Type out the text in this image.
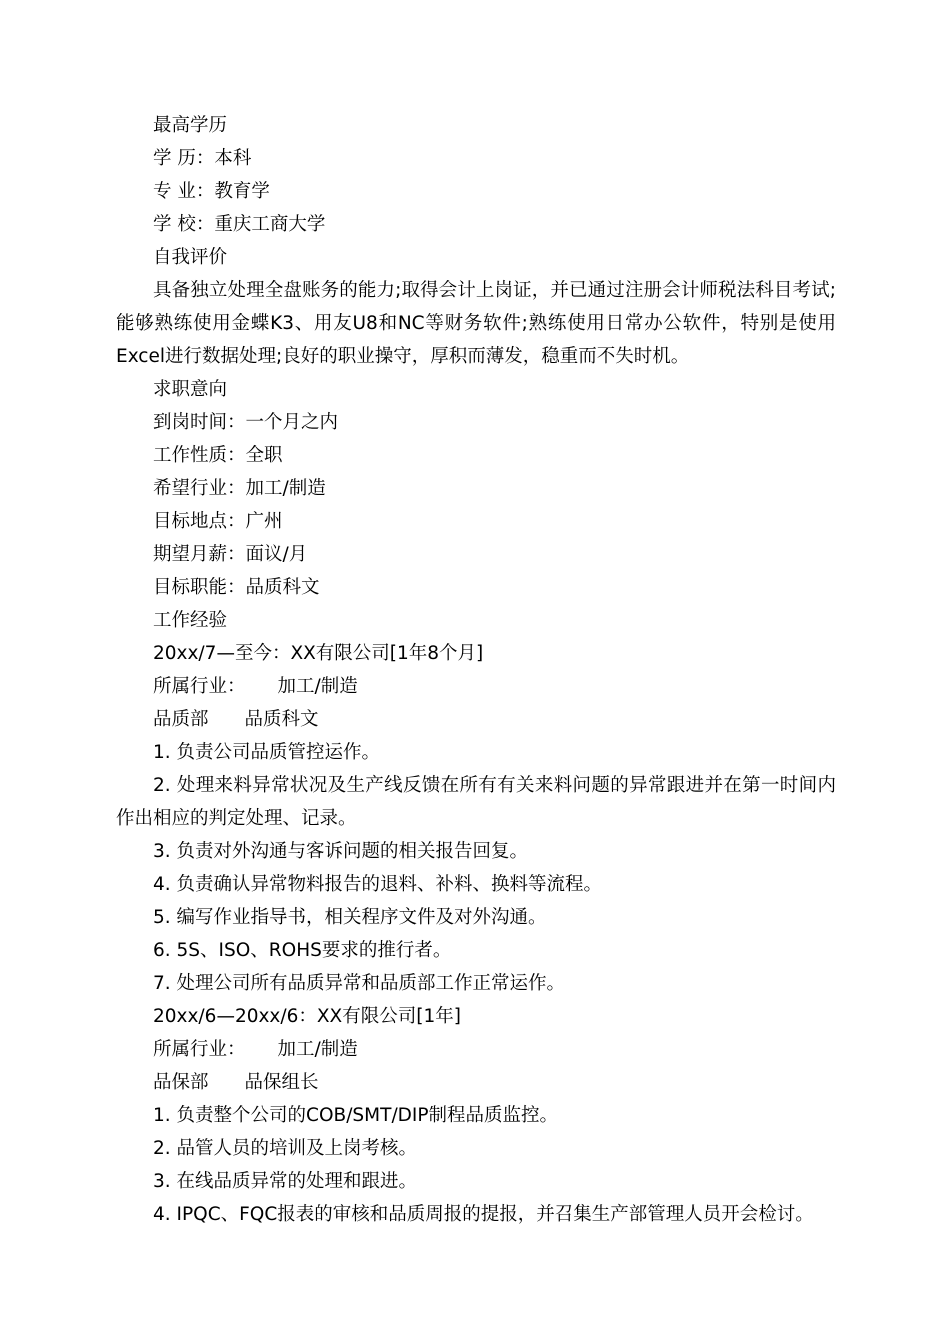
最高学历
学 历：本科
专 业：教育学
学 校：重庆工商大学
自我评价
具备独立处理全盘账务的能力;取得会计上岗证，并已通过注册会计师税法科目考试;能够熟练使用金蝶K3、用友U8和NC等财务软件;熟练使用日常办公软件，特别是使用Excel进行数据处理;良好的职业操守，厚积而薄发，稳重而不失时机。
求职意向
到岗时间：一个月之内
工作性质：全职
希望行业：加工/制造
目标地点：广州
期望月薪：面议/月
目标职能：品质科文
工作经验
20xx/7—至今：XX有限公司[1年8个月]
所属行业： 加工/制造
品质部 品质科文
1. 负责公司品质管控运作。
2. 处理来料异常状况及生产线反馈在所有有关来料问题的异常跟进并在第一时间内作出相应的判定处理、记录。
3. 负责对外沟通与客诉问题的相关报告回复。
4. 负责确认异常物料报告的退料、补料、换料等流程。
5. 编写作业指导书，相关程序文件及对外沟通。
6. 5S、ISO、ROHS要求的推行者。
7. 处理公司所有品质异常和品质部工作正常运作。
20xx/6—20xx/6：XX有限公司[1年]
所属行业： 加工/制造
品保部 品保组长
1. 负责整个公司的COB/SMT/DIP制程品质监控。
2. 品管人员的培训及上岗考核。
3. 在线品质异常的处理和跟进。
4. IPQC、FQC报表的审核和品质周报的提报，并召集生产部管理人员开会检讨。
